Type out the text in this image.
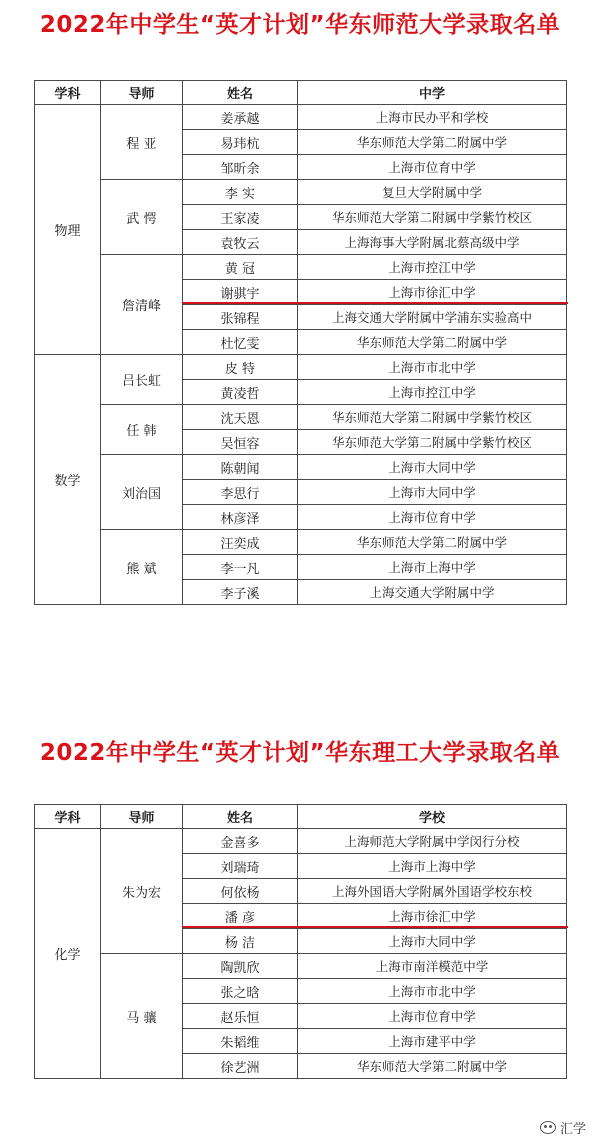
2022年中学生“英才计划”华东师范大学录取名单
学科	导师	姓名	中学
物理	程 亚	姜承越	上海市民办平和学校
		易玮杭	华东师范大学第二附属中学
		邹昕余	上海市位育中学
	武 愕	李 实	复旦大学附属中学
		王家凌	华东师范大学第二附属中学紫竹校区
		袁牧云	上海海事大学附属北蔡高级中学
	詹清峰	黄 冠	上海市控江中学
		谢骐宇	上海市徐汇中学
		张锦程	上海交通大学附属中学浦东实验高中
		杜忆雯	华东师范大学第二附属中学
数学	吕长虹	皮 特	上海市市北中学
		黄凌哲	上海市控江中学
	任 韩	沈天恩	华东师范大学第二附属中学紫竹校区
		吴恒容	华东师范大学第二附属中学紫竹校区
	刘治国	陈朝闻	上海市大同中学
		李思行	上海市大同中学
		林彦泽	上海市位育中学
	熊 斌	汪奕成	华东师范大学第二附属中学
		李一凡	上海市上海中学
		李子溪	上海交通大学附属中学
2022年中学生“英才计划”华东理工大学录取名单
学科	导师	姓名	学校
化学	朱为宏	金喜多	上海师范大学附属中学闵行分校
		刘瑞琦	上海市上海中学
		何依杨	上海外国语大学附属外国语学校东校
		潘 彦	上海市徐汇中学
		杨 洁	上海市大同中学
	马 骧	陶凯欣	上海市南洋模范中学
		张之晗	上海市市北中学
		赵乐恒	上海市位育中学
		朱韬维	上海市建平中学
		徐艺洲	华东师范大学第二附属中学
汇学
